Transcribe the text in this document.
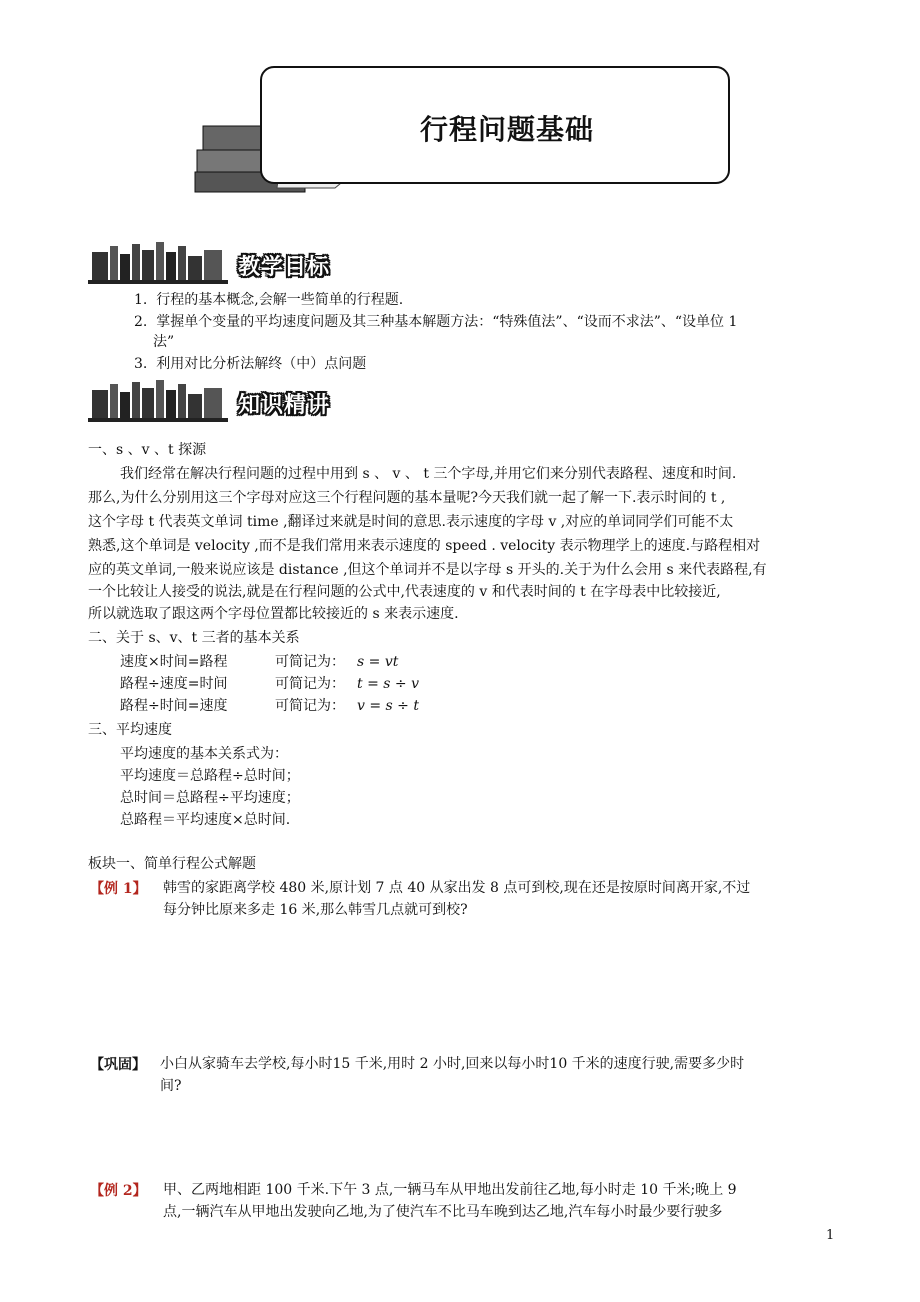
行程问题基础
教学目标
1. 行程的基本概念,会解一些简单的行程题.
2. 掌握单个变量的平均速度问题及其三种基本解题方法：“特殊值法”、“设而不求法”、“设单位 1
法”
3. 利用对比分析法解终（中）点问题
知识精讲
一、s 、v 、t 探源
我们经常在解决行程问题的过程中用到 s 、 v 、 t 三个字母,并用它们来分别代表路程、速度和时间.
那么,为什么分别用这三个字母对应这三个行程问题的基本量呢?今天我们就一起了解一下.表示时间的 t ,
这个字母 t 代表英文单词 time ,翻译过来就是时间的意思.表示速度的字母 v ,对应的单词同学们可能不太
熟悉,这个单词是 velocity ,而不是我们常用来表示速度的 speed . velocity 表示物理学上的速度.与路程相对
应的英文单词,一般来说应该是 distance ,但这个单词并不是以字母 s 开头的.关于为什么会用 s 来代表路程,有
一个比较让人接受的说法,就是在行程问题的公式中,代表速度的 v 和代表时间的 t 在字母表中比较接近,
所以就选取了跟这两个字母位置都比较接近的 s 来表示速度.
二、关于 s、v、t 三者的基本关系
速度×时间=路程	可简记为： s = vt
路程÷速度=时间	可简记为： t = s ÷ v
路程÷时间=速度	可简记为： v = s ÷ t
三、平均速度
平均速度的基本关系式为：
平均速度＝总路程÷总时间；
总时间＝总路程÷平均速度；
总路程＝平均速度×总时间.
板块一、简单行程公式解题
【例 1】 韩雪的家距离学校 480 米,原计划 7 点 40 从家出发 8 点可到校,现在还是按原时间离开家,不过
每分钟比原来多走 16 米,那么韩雪几点就可到校?
【巩固】 小白从家骑车去学校,每小时15 千米,用时 2 小时,回来以每小时10 千米的速度行驶,需要多少时
间?
【例 2】 甲、乙两地相距 100 千米.下午 3 点,一辆马车从甲地出发前往乙地,每小时走 10 千米;晚上 9
点,一辆汽车从甲地出发驶向乙地,为了使汽车不比马车晚到达乙地,汽车每小时最少要行驶多
1
